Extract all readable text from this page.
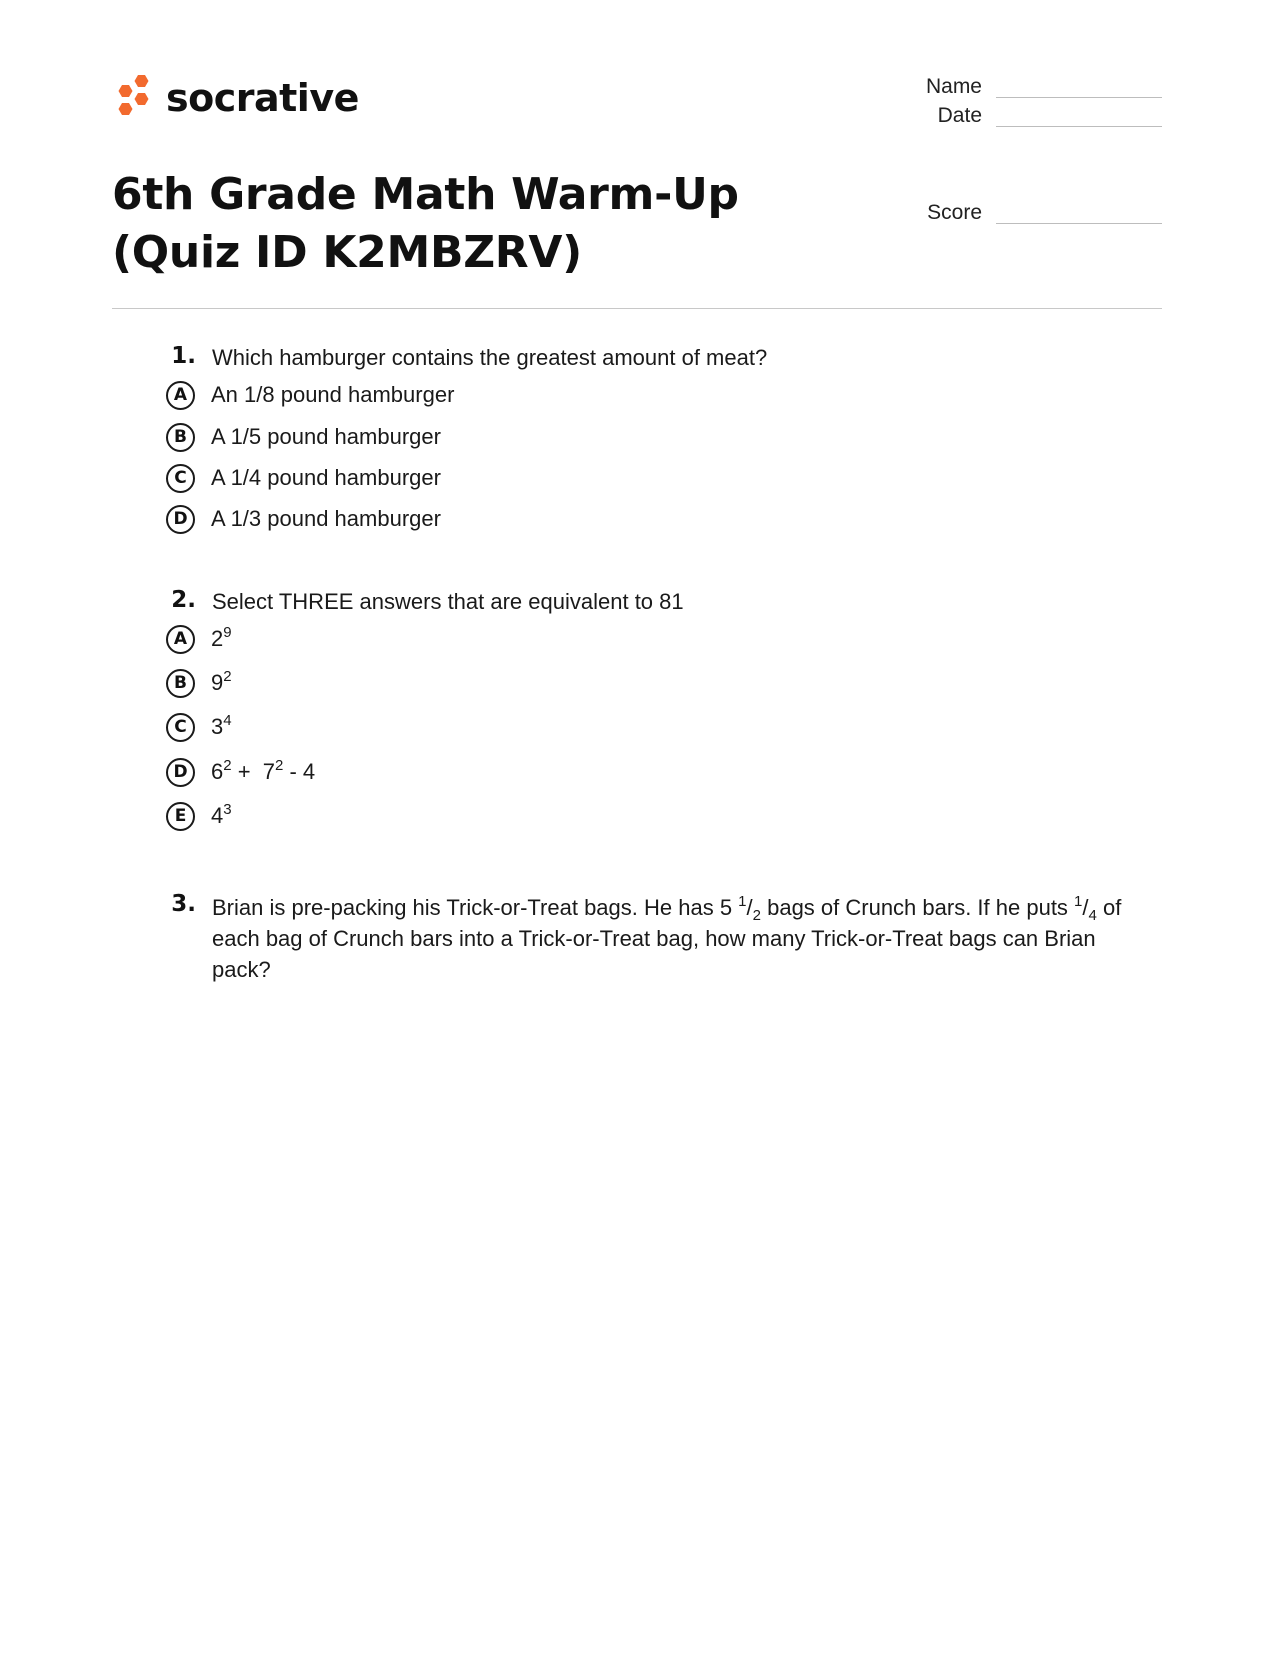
socrative	Name
Date
Score
6th Grade Math Warm-Up (Quiz ID K2MBZRV)
1. Which hamburger contains the greatest amount of meat?
A	An 1/8 pound hamburger
B	A 1/5 pound hamburger
C	A 1/4 pound hamburger
D	A 1/3 pound hamburger
2. Select THREE answers that are equivalent to 81
A	$2^9$
B	$9^2$
C	$3^4$
D	$6^2 + 7^2 - 4$
E	$4^3$
3. Brian is pre-packing his Trick-or-Treat bags. He has 5 $^1/_2$ bags of Crunch bars. If he puts $^1/_4$ of each bag of Crunch bars into a Trick-or-Treat bag, how many Trick-or-Treat bags can Brian pack?
